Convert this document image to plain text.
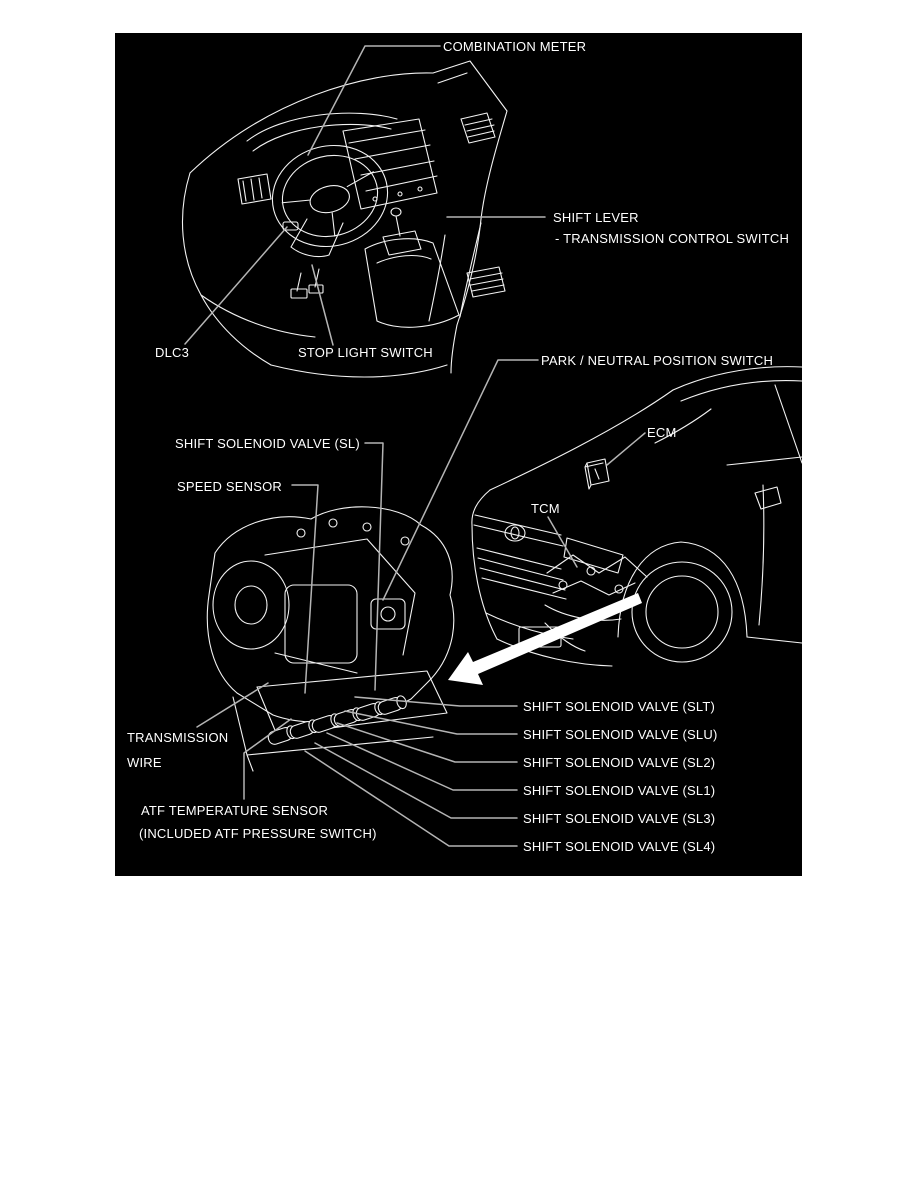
COMBINATION METER
SHIFT LEVER
- TRANSMISSION CONTROL SWITCH
DLC3	STOP LIGHT SWITCH
PARK / NEUTRAL POSITION SWITCH
SHIFT SOLENOID VALVE (SL)
SPEED SENSOR
ECM
TCM
TRANSMISSION
WIRE
ATF TEMPERATURE SENSOR
(INCLUDED ATF PRESSURE SWITCH)
SHIFT SOLENOID VALVE (SLT)
SHIFT SOLENOID VALVE (SLU)
SHIFT SOLENOID VALVE (SL2)
SHIFT SOLENOID VALVE (SL1)
SHIFT SOLENOID VALVE (SL3)
SHIFT SOLENOID VALVE (SL4)
